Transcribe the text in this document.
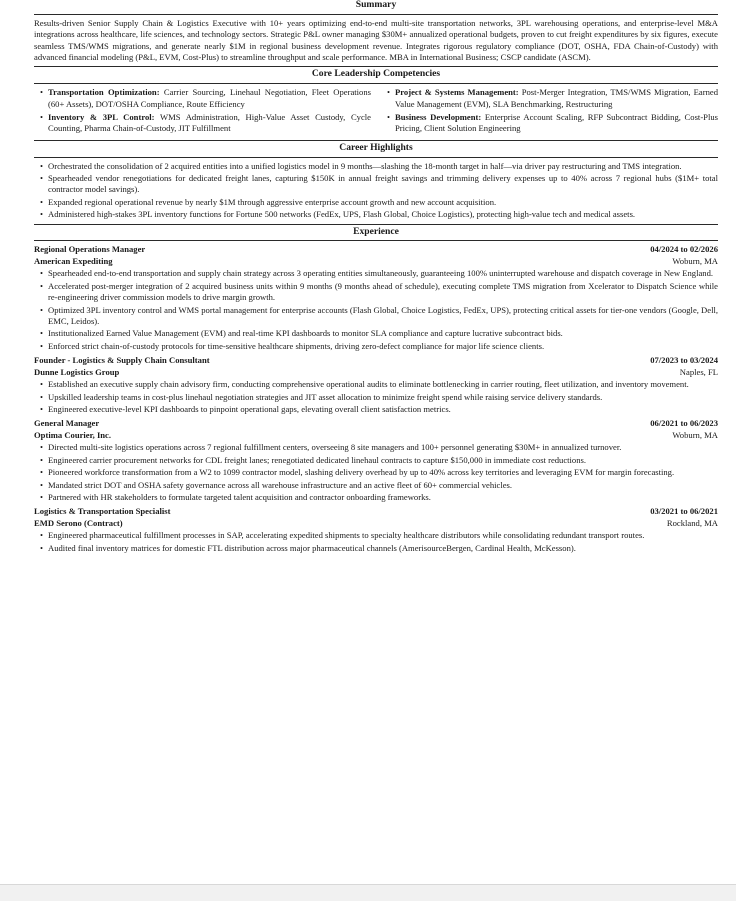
Summary

Results-driven Senior Supply Chain & Logistics Executive with 10+ years optimizing end-to-end multi-site transportation networks, 3PL warehousing operations, and enterprise-level M&A integrations across healthcare, life sciences, and technology sectors. Strategic P&L owner managing $30M+ annualized operational budgets, proven to cut freight expenditures by six figures, execute seamless TMS/WMS migrations, and generate nearly $1M in regional business development revenue. Integrates rigorous regulatory compliance (DOT, OSHA, FDA Chain-of-Custody) with advanced financial modeling (P&L, EVM, Cost-Plus) to streamline throughput and scale performance. MBA in International Business; CSCP candidate (ASCM).

Core Leadership Competencies
• Transportation Optimization: Carrier Sourcing, Linehaul Negotiation, Fleet Operations (60+ Assets), DOT/OSHA Compliance, Route Efficiency
• Inventory & 3PL Control: WMS Administration, High-Value Asset Custody, Cycle Counting, Pharma Chain-of-Custody, JIT Fulfillment
• Project & Systems Management: Post-Merger Integration, TMS/WMS Migration, Earned Value Management (EVM), SLA Benchmarking, Restructuring
• Business Development: Enterprise Account Scaling, RFP Subcontract Bidding, Cost-Plus Pricing, Client Solution Engineering
Career Highlights
• Orchestrated the consolidation of 2 acquired entities into a unified logistics model in 9 months—slashing the 18-month target in half—via driver pay restructuring and TMS integration.
• Spearheaded vendor renegotiations for dedicated freight lanes, capturing $150K in annual freight savings and trimming delivery expenses up to 40% across 7 regional hubs ($1M+ total contractor model savings).
• Expanded regional operational revenue by nearly $1M through aggressive enterprise account growth and new account acquisition.
• Administered high-stakes 3PL inventory functions for Fortune 500 networks (FedEx, UPS, Flash Global, Choice Logistics), protecting high-value tech and medical assets.
Experience
Regional Operations Manager	04/2024 to 02/2026
American Expediting	Woburn, MA
• Spearheaded end-to-end transportation and supply chain strategy across 3 operating entities simultaneously, guaranteeing 100% uninterrupted warehouse and dispatch coverage in New England.
• Accelerated post-merger integration of 2 acquired business units within 9 months (9 months ahead of schedule), executing complete TMS migration from Xcelerator to Dispatch Science while re-engineering driver commission models to drive margin growth.
• Optimized 3PL inventory control and WMS portal management for enterprise accounts (Flash Global, Choice Logistics, FedEx, UPS), protecting critical assets for tier-one vendors (Google, Dell, EMC, Leidos).
• Institutionalized Earned Value Management (EVM) and real-time KPI dashboards to monitor SLA compliance and capture lucrative subcontract bids.
• Enforced strict chain-of-custody protocols for time-sensitive healthcare shipments, driving zero-defect compliance for major life science clients.
Founder - Logistics & Supply Chain Consultant	07/2023 to 03/2024
Dunne Logistics Group	Naples, FL
• Established an executive supply chain advisory firm, conducting comprehensive operational audits to eliminate bottlenecking in carrier routing, fleet utilization, and inventory movement.
• Upskilled leadership teams in cost-plus linehaul negotiation strategies and JIT asset allocation to minimize freight spend while raising service delivery standards.
• Engineered executive-level KPI dashboards to pinpoint operational gaps, elevating overall client satisfaction metrics.
General Manager	06/2021 to 06/2023
Optima Courier, Inc.	Woburn, MA
• Directed multi-site logistics operations across 7 regional fulfillment centers, overseeing 8 site managers and 100+ personnel generating $30M+ in annualized turnover.
• Engineered carrier procurement networks for CDL freight lanes; renegotiated dedicated linehaul contracts to capture $150,000 in immediate cost reductions.
• Pioneered workforce transformation from a W2 to 1099 contractor model, slashing delivery overhead by up to 40% across key territories and leveraging EVM for margin forecasting.
• Mandated strict DOT and OSHA safety governance across all warehouse infrastructure and an active fleet of 60+ commercial vehicles.
• Partnered with HR stakeholders to formulate targeted talent acquisition and contractor onboarding frameworks.
Logistics & Transportation Specialist	03/2021 to 06/2021
EMD Serono (Contract)	Rockland, MA
• Engineered pharmaceutical fulfillment processes in SAP, accelerating expedited shipments to specialty healthcare distributors while consolidating redundant transport routes.
• Audited final inventory matrices for domestic FTL distribution across major pharmaceutical channels (AmerisourceBergen, Cardinal Health, McKesson).
